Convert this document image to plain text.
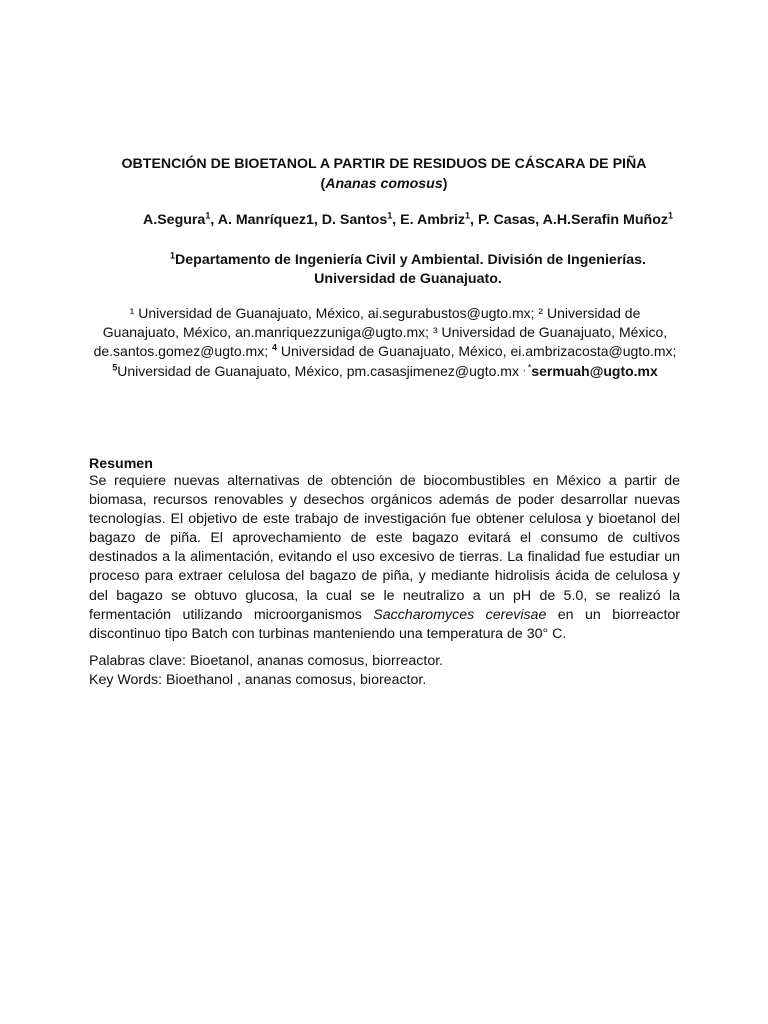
OBTENCIÓN DE BIOETANOL A PARTIR DE RESIDUOS DE CÁSCARA DE PIÑA
(Ananas comosus)
A.Segura$^1$, A. Manríquez1, D. Santos$^1$, E. Ambriz$^1$, P. Casas, A.H.Serafin Muñoz$^1$
$^1$Departamento de Ingeniería Civil y Ambiental. División de Ingenierías.
Universidad de Guanajuato.
¹ Universidad de Guanajuato, México, ai.segurabustos@ugto.mx; ² Universidad de Guanajuato, México, an.manriquezzuniga@ugto.mx; ³ Universidad de Guanajuato, México, de.santos.gomez@ugto.mx; $^4$ Universidad de Guanajuato, México, ei.ambrizacosta@ugto.mx; $^5$Universidad de Guanajuato, México, pm.casasjimenez@ugto.mx , *sermuah@ugto.mx
Resumen
Se requiere nuevas alternativas de obtención de biocombustibles en México a partir de biomasa, recursos renovables y desechos orgánicos además de poder desarrollar nuevas tecnologías. El objetivo de este trabajo de investigación fue obtener celulosa y bioetanol del bagazo de piña. El aprovechamiento de este bagazo evitará el consumo de cultivos destinados a la alimentación, evitando el uso excesivo de tierras. La finalidad fue estudiar un proceso para extraer celulosa del bagazo de piña, y mediante hidrolisis ácida de celulosa y del bagazo se obtuvo glucosa, la cual se le neutralizo a un pH de 5.0, se realizó la fermentación utilizando microorganismos Saccharomyces cerevisae en un biorreactor discontinuo tipo Batch con turbinas manteniendo una temperatura de 30° C.
Palabras clave: Bioetanol, ananas comosus, biorreactor.
Key Words: Bioethanol , ananas comosus, bioreactor.
